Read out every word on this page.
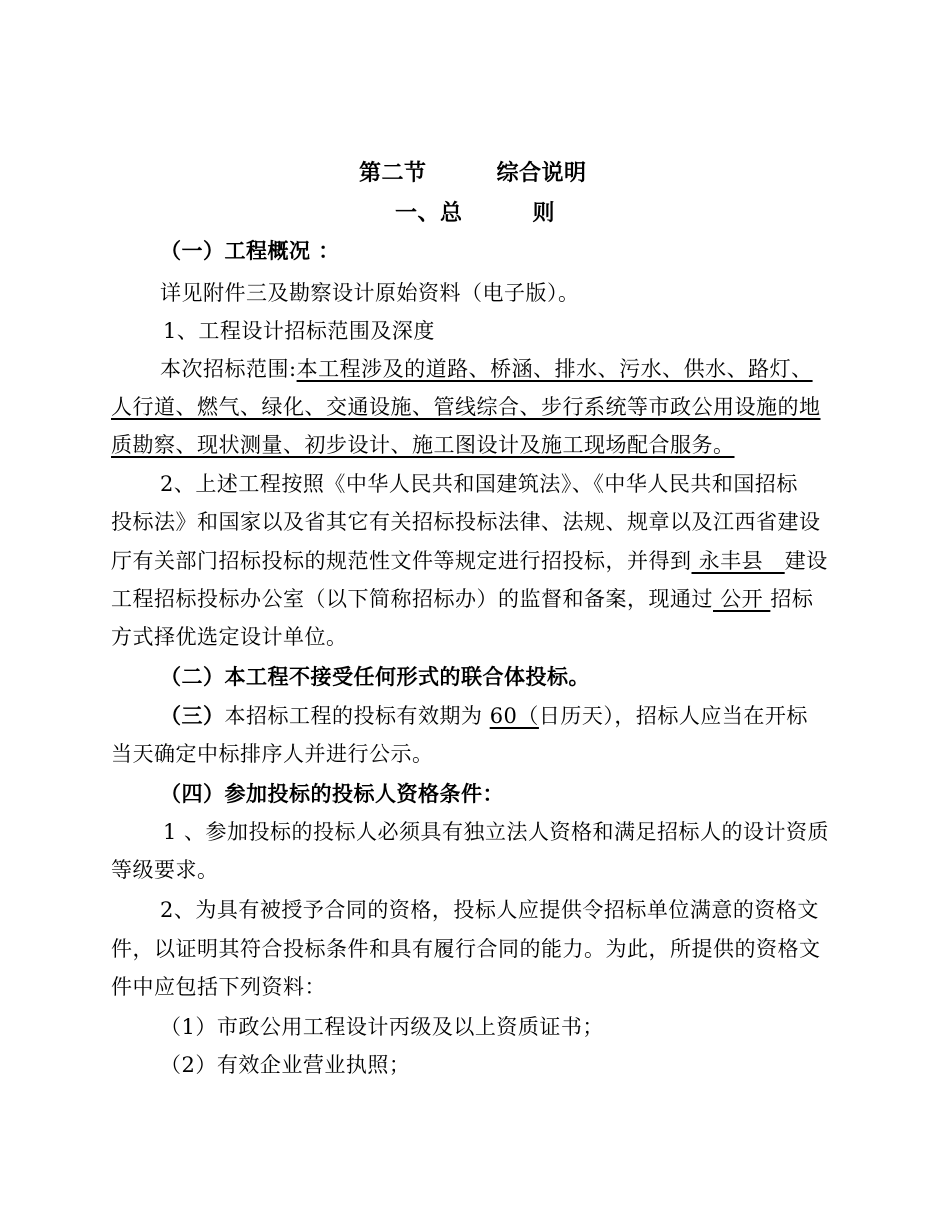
第二节	综合说明
一、总	则
（一）工程概况 ：
详见附件三及勘察设计原始资料（电子版）。
1、工程设计招标范围及深度
本次招标范围:本工程涉及的道路、桥涵、排水、污水、供水、路灯、
人行道、燃气、绿化、交通设施、管线综合、步行系统等市政公用设施的地
质勘察、现状测量、初步设计、施工图设计及施工现场配合服务。
2、上述工程按照《中华人民共和国建筑法》、《中华人民共和国招标
投标法》和国家以及省其它有关招标投标法律、法规、规章以及江西省建设
厅有关部门招标投标的规范性文件等规定进行招投标，并得到 永丰县   建设
工程招标投标办公室（以下简称招标办）的监督和备案，现通过 公开 招标
方式择优选定设计单位。
（二）本工程不接受任何形式的联合体投标。
（三）本招标工程的投标有效期为 60（日历天），招标人应当在开标
当天确定中标排序人并进行公示。
（四）参加投标的投标人资格条件：
1 、参加投标的投标人必须具有独立法人资格和满足招标人的设计资质
等级要求。
2、为具有被授予合同的资格，投标人应提供令招标单位满意的资格文
件，以证明其符合投标条件和具有履行合同的能力。为此，所提供的资格文
件中应包括下列资料：
（1）市政公用工程设计丙级及以上资质证书；
（2）有效企业营业执照；
